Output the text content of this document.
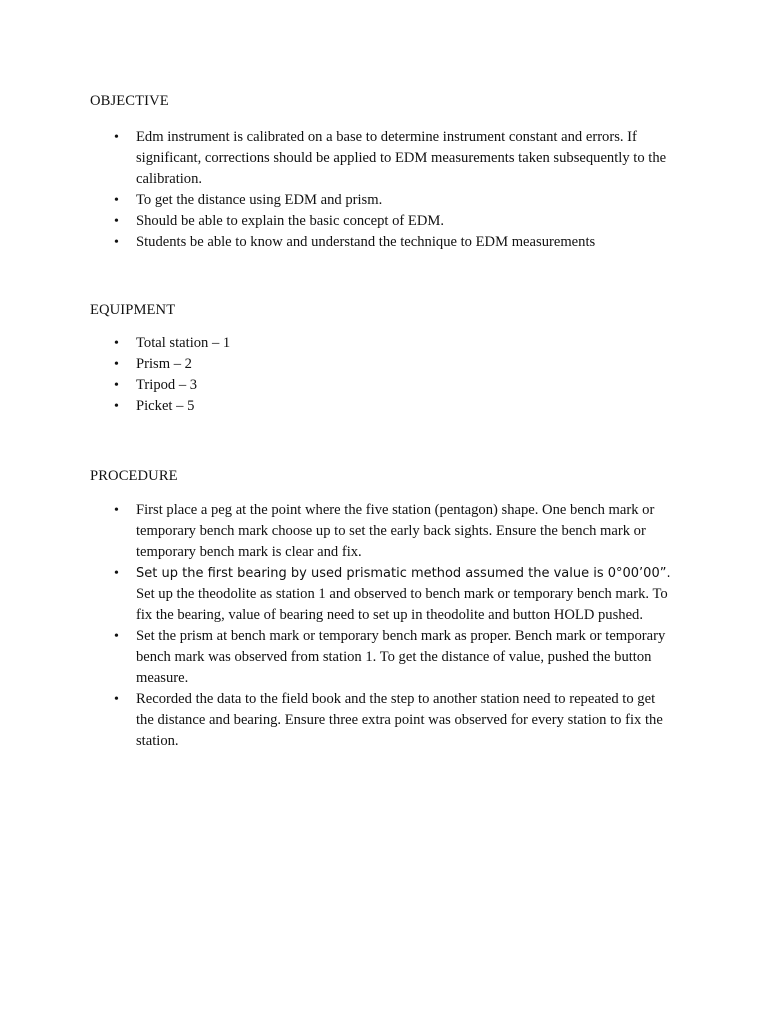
OBJECTIVE
• Edm instrument is calibrated on a base to determine instrument constant and errors. If significant, corrections should be applied to EDM measurements taken subsequently to the calibration.
• To get the distance using EDM and prism.
• Should be able to explain the basic concept of EDM.
• Students be able to know and understand the technique to EDM measurements
EQUIPMENT
• Total station – 1
• Prism – 2
• Tripod – 3
• Picket – 5
PROCEDURE
• First place a peg at the point where the five station (pentagon) shape. One bench mark or temporary bench mark choose up to set the early back sights. Ensure the bench mark or temporary bench mark is clear and fix.
• Set up the first bearing by used prismatic method assumed the value is 0°00’00”. Set up the theodolite as station 1 and observed to bench mark or temporary bench mark. To fix the bearing, value of bearing need to set up in theodolite and button HOLD pushed.
• Set the prism at bench mark or temporary bench mark as proper. Bench mark or temporary bench mark was observed from station 1. To get the distance of value, pushed the button measure.
• Recorded the data to the field book and the step to another station need to repeated to get the distance and bearing. Ensure three extra point was observed for every station to fix the station.
